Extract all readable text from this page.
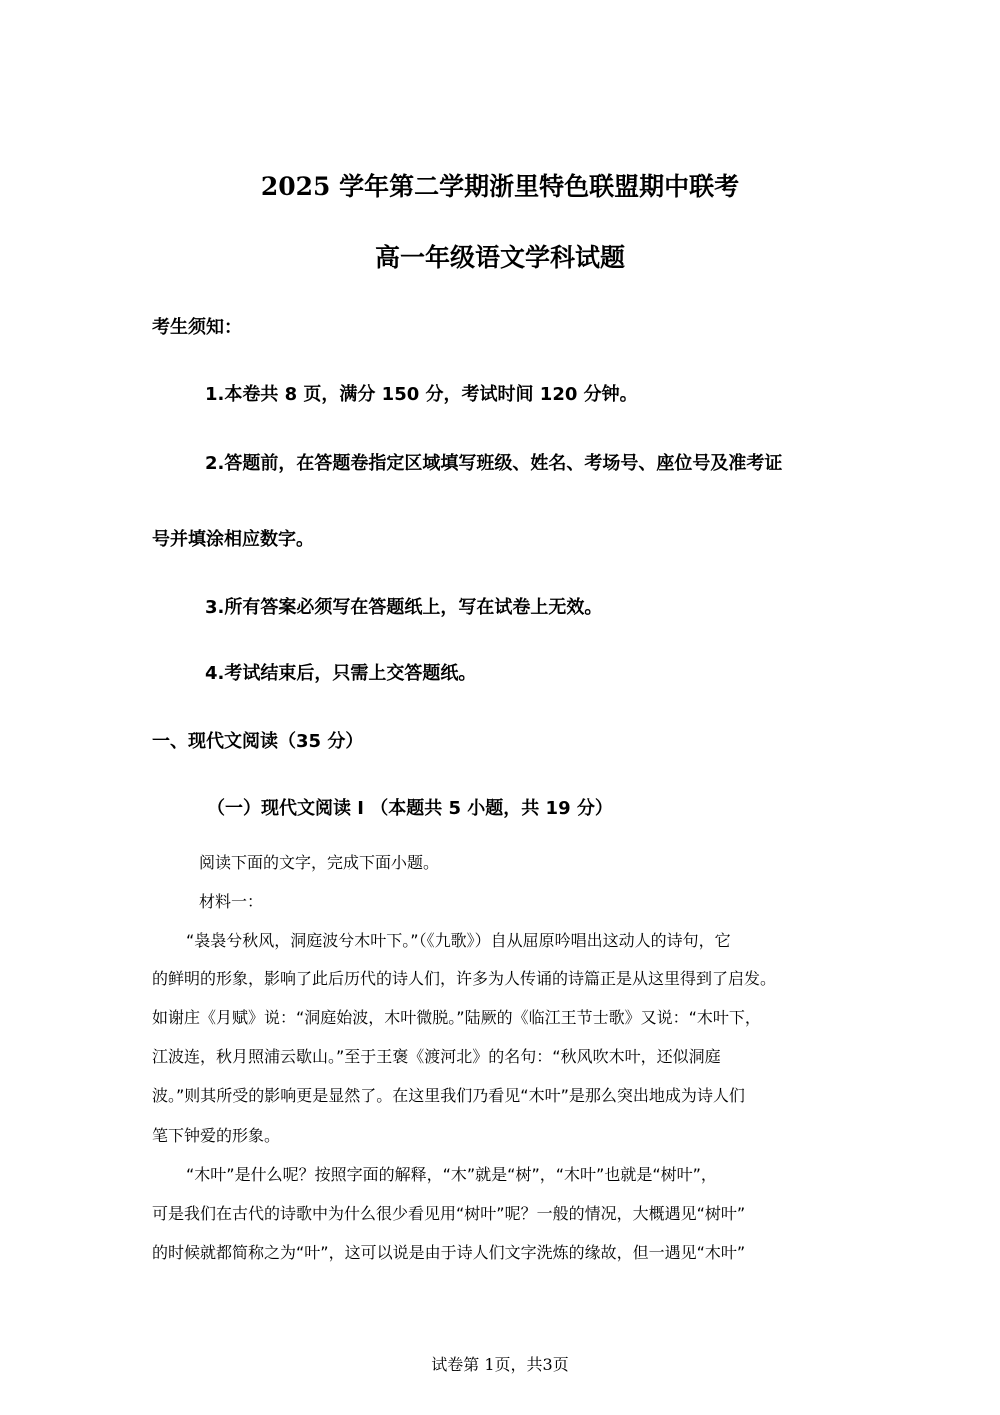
2025 学年第二学期浙里特色联盟期中联考
高一年级语文学科试题
考生须知：
1.本卷共 8 页，满分 150 分，考试时间 120 分钟。
2.答题前，在答题卷指定区域填写班级、姓名、考场号、座位号及准考证
号并填涂相应数字。
3.所有答案必须写在答题纸上，写在试卷上无效。
4.考试结束后，只需上交答题纸。
一、现代文阅读（35 分）
（一）现代文阅读 I （本题共 5 小题，共 19 分）
阅读下面的文字，完成下面小题。
材料一：
“袅袅兮秋风，洞庭波兮木叶下。”（《九歌》）自从屈原吟唱出这动人的诗句，它
的鲜明的形象，影响了此后历代的诗人们，许多为人传诵的诗篇正是从这里得到了启发。
如谢庄《月赋》说：“洞庭始波，木叶微脱。”陆厥的《临江王节士歌》又说：“木叶下，
江波连，秋月照浦云歇山。”至于王褒《渡河北》的名句：“秋风吹木叶，还似洞庭
波。”则其所受的影响更是显然了。在这里我们乃看见“木叶”是那么突出地成为诗人们
笔下钟爱的形象。
“木叶”是什么呢？按照字面的解释，“木”就是“树”，“木叶”也就是“树叶”，
可是我们在古代的诗歌中为什么很少看见用“树叶”呢？一般的情况，大概遇见“树叶”
的时候就都简称之为“叶”，这可以说是由于诗人们文字洗炼的缘故，但一遇见“木叶”
试卷第 1页，共3页
